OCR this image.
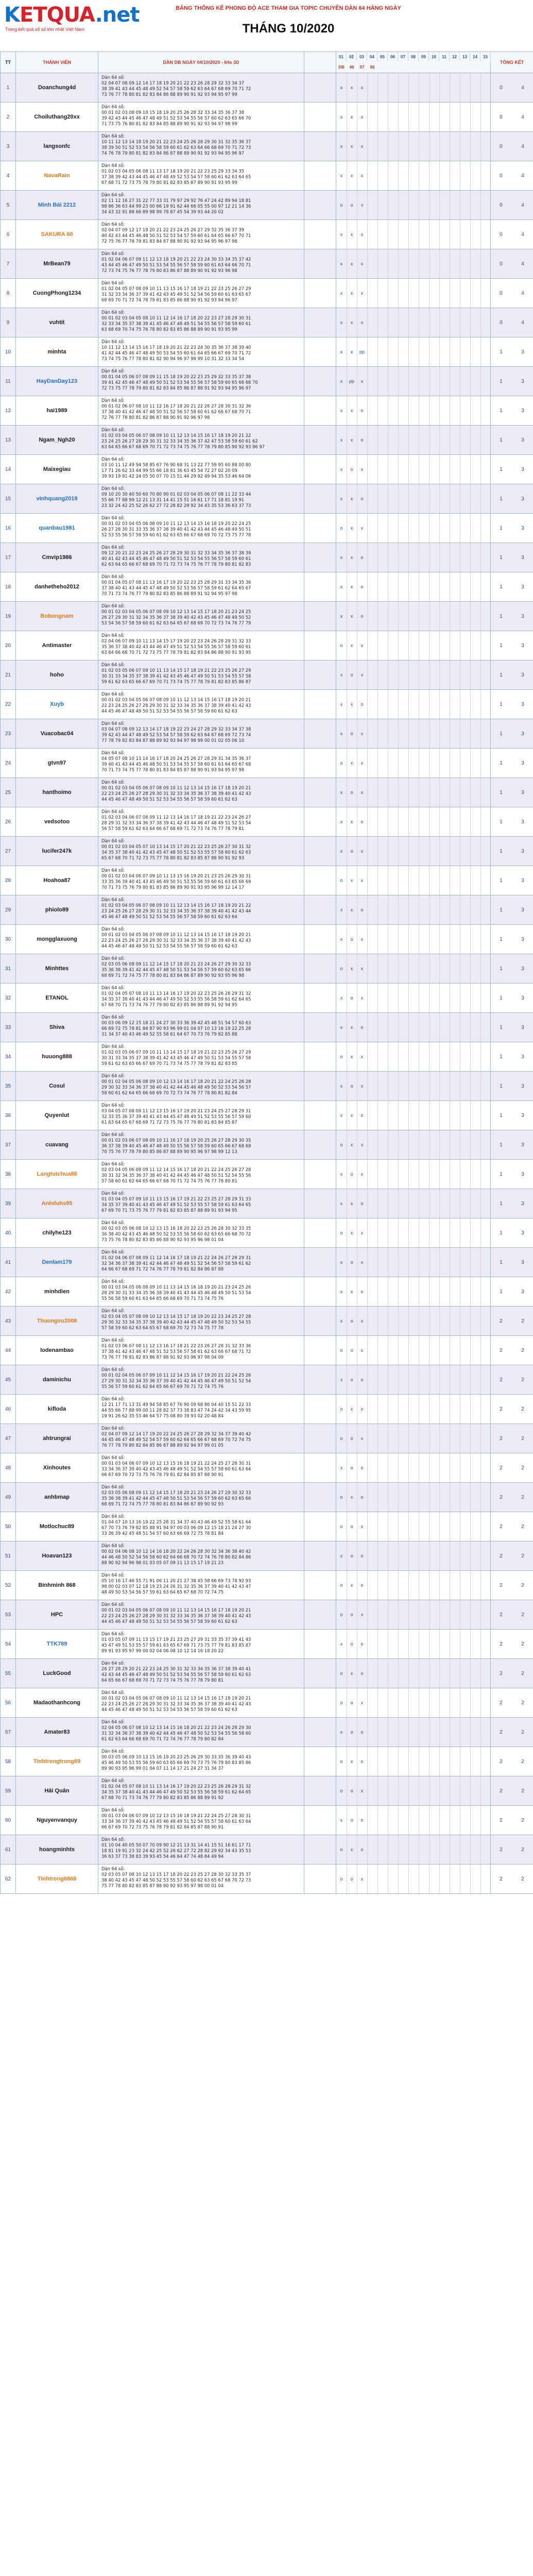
KETQUA.net
Trang kết quả xổ số lớn nhất Việt Nam
BẢNG THỐNG KÊ PHONG ĐỘ ACE THAM GIA TOPIC CHUYÊN DÀN 64 HÀNG NGÀY
THÁNG 10/2020
TT	THÀNH VIÊN	DÀN DB NGÀY 04/10/2020 - 64s 3D
01	02	03	04	05	06	07	08	09	10	11	12	13	14	15
DB	46	97	86
TỔNG KẾT
1	Doanchung4d
Dàn 64 số:
02 04 07 08 09 12 14 17 18 19 20 21 22 23 26 28 29 32 33 34 37
38 39 41 43 44 45 48 49 52 54 57 58 59 62 63 64 67 68 69 70 71 72
73 76 77 78 80 81 82 83 84 86 88 89 90 91 92 93 94 95 97 99
x	x	x	0	4
2	Choiluthang20xx
Dàn 64 số:
00 01 02 03 08 09 10 15 18 19 20 25 26 28 32 33 34 35 36 37 38
39 42 43 44 45 46 47 48 49 51 52 53 54 55 56 57 60 62 63 65 66 70
71 73 75 76 80 81 82 83 84 85 88 89 90 91 92 93 94 97 98 99
x	x	x	0	4
3	langsonfc
Dàn 64 số:
10 11 12 13 14 18 19 20 21 22 23 24 25 26 28 29 30 31 32 35 36 37
38 39 50 51 52 53 54 56 58 59 60 61 62 63 64 66 68 69 70 71 72 73
74 76 78 79 80 81 82 83 84 86 87 88 89 90 91 92 93 94 95 96 97
x	x	x	0	4
4	NavaRain
Dàn 64 số:
01 02 03 04 05 06 08 11 13 17 18 19 20 21 22 23 25 29 33 34 35
37 38 39 42 43 44 45 46 47 48 49 52 53 54 57 58 60 61 62 63 64 65
67 68 71 72 73 75 78 79 80 81 82 83 85 87 89 90 91 93 95 99
x	x	x	0	4
5	Mình Bái 2212
Dàn 64 số:
02 11 12 16 27 31 22 77 33 31 79 97 29 92 76 47 24 42 89 94 18 81
98 86 36 63 44 99 23 00 66 19 91 62 44 66 05 55 00 97 12 21 14 36
34 43 32 91 88 66 89 98 99 78 87 45 54 39 93 44 20 02
o	o	x	0	4
6	SAKURA 60
Dàn 64 số:
02 04 07 09 12 17 19 20 21 22 23 24 25 26 27 29 32 35 36 37 39
40 42 43 44 45 46 48 50 51 52 53 54 57 59 60 61 64 65 66 67 70 71
72 75 76 77 78 79 81 83 84 87 88 90 91 92 93 94 95 96 97 98
x	x	x	0	4
7	MrBean79
Dàn 64 số:
01 02 04 06 07 09 11 12 13 18 19 20 21 22 23 24 30 33 34 35 37 42
43 44 45 46 47 49 50 51 53 54 55 56 57 58 59 60 61 63 64 66 70 71
72 73 74 75 76 77 78 79 80 83 86 87 88 89 90 91 92 93 96 98
x	x	x	0	4
8	CuongPhong1234
Dàn 64 số:
01 02 04 05 07 08 09 10 11 13 15 16 17 18 19 21 22 23 25 26 27 29
31 32 33 34 36 37 39 41 42 43 45 49 51 52 54 56 59 60 61 63 65 67
68 69 70 71 72 74 78 79 81 83 85 86 88 90 91 92 93 94 96 97
x	x	x	0	4
9	vuhtit
Dàn 64 số:
00 01 02 03 04 05 08 10 11 12 14 16 17 18 20 22 23 27 28 29 30 31
32 33 34 35 37 38 39 41 45 46 47 48 49 51 54 55 56 57 58 59 60 61
63 68 69 70 74 75 76 78 80 82 83 85 86 88 89 90 91 93 95 99
x	x	x	0	4
10	minhta
Dàn 64 số:
10 11 12 13 14 15 16 17 18 19 20 21 22 23 24 30 35 36 37 38 39 40
41 42 44 45 46 47 48 49 50 53 54 55 60 61 64 65 66 67 69 70 71 72
73 74 75 76 77 78 80 81 82 90 94 96 97 98 99 10 31 32 33 34 54
x	x	pp	1	3
11	HayDanDay123
Dàn 64 số:
00 01 04 05 06 07 08 09 11 15 18 19 20 22 23 25 29 32 33 35 37 38
39 41 42 45 46 47 48 49 50 51 52 53 54 55 56 57 58 59 60 65 66 68 70
72 73 75 77 78 79 80 81 82 83 84 85 86 87 88 91 92 93 94 95 96 97
x	pp	x	1	3
12	hai1989
Dàn 64 số:
00 01 02 06 07 08 10 11 12 16 17 18 20 21 22 26 27 28 30 31 32 36
37 38 40 41 42 46 47 48 50 51 52 56 57 58 60 61 62 66 67 68 70 71
72 76 77 78 80 81 82 86 87 88 90 91 92 96 97 98
x	x	o	1	3
13	Ngam_Ngh20
Dàn 64 số:
01 02 03 04 05 06 07 08 09 10 11 12 13 14 15 16 17 18 19 20 21 22
23 24 25 26 27 28 29 30 31 32 33 34 35 36 37 42 47 53 58 59 60 61 62
63 64 65 66 67 68 69 70 71 72 73 74 75 76 77 78 79 80 85 90 92 93 96 97
x	x	o	1	3
14	Maixegiau
Dàn 64 số:
03 10 11 12 49 94 58 85 67 76 90 68 31 13 22 77 59 95 60 88 00 80
17 71 26 62 33 44 99 55 66 18 81 36 63 45 54 72 27 02 20 09
39 93 19 91 42 24 05 50 07 70 15 51 44 29 92 49 94 35 53 46 64 06
x	o	x	1	3
15	vinhquang2019
Dàn 64 số:
09 10 20 30 40 50 60 70 80 90 01 02 03 04 05 06 07 08 11 22 33 44
55 66 77 88 99 12 21 13 31 14 41 15 51 16 61 17 71 18 81 19 91
23 32 24 42 25 52 26 62 27 72 28 82 29 92 34 43 35 53 36 63 37 73
x	x	o	1	3
16	quanbau1981
Dàn 64 số:
00 01 02 03 04 05 06 08 09 10 11 12 13 14 15 16 18 19 20 22 24 25
26 27 28 30 31 33 35 36 37 38 39 40 41 42 43 44 45 46 48 49 50 51
52 53 55 56 57 58 59 60 61 62 63 65 66 67 68 69 70 72 73 75 77 78
o	x	x	1	3
17	Cmvip1986
Dàn 64 số:
09 12 20 21 22 23 24 25 26 27 28 29 30 31 32 33 34 35 36 37 38 39
40 41 42 43 44 45 46 47 48 49 50 51 52 53 54 55 56 57 58 59 60 61
62 63 64 65 66 67 68 69 70 71 72 73 74 75 76 77 78 79 80 81 82 83
x	x	o	1	3
18	danhetheho2012
Dàn 64 số:
00 01 04 05 07 08 11 13 16 17 19 20 22 23 25 28 29 31 33 34 35 36
37 38 40 41 43 44 45 47 48 49 50 52 53 56 57 58 59 61 62 64 65 67
70 71 73 74 76 77 79 80 82 83 85 86 88 89 91 92 94 95 97 98
x	x	o	1	3
19	Bobongnam
Dàn 64 số:
00 01 02 03 04 05 06 07 08 09 10 12 13 14 15 17 18 20 21 23 24 25
26 27 29 30 31 32 34 35 36 37 38 39 40 42 43 45 46 47 48 49 50 52
53 54 56 57 58 59 60 61 62 63 64 65 67 68 69 70 72 73 74 76 77 79
x	x	o	1	3
20	Antimaster
Dàn 64 số:
02 04 06 07 09 10 11 13 14 15 17 19 20 22 23 24 26 28 29 31 32 33
35 36 37 38 40 42 43 44 46 47 49 51 52 53 54 55 56 57 58 59 60 61
63 64 66 68 70 71 72 73 75 77 78 79 81 82 83 84 86 88 90 91 93 95
o	x	x	1	3
21	hoho
Dàn 64 số:
01 02 03 05 06 07 09 10 11 13 14 15 17 18 19 21 22 23 25 26 27 29
30 31 33 34 35 37 38 39 41 42 43 45 46 47 49 50 51 53 54 55 57 58
59 61 62 63 65 66 67 69 70 71 73 74 75 77 78 79 81 82 83 85 86 87
x	o	x	1	3
22	Xuyb
Dàn 64 số:
00 01 02 03 04 05 06 07 08 09 10 11 12 13 14 15 16 17 18 19 20 21
22 23 24 25 26 27 28 29 30 31 32 33 34 35 36 37 38 39 40 41 42 43
44 45 46 47 48 49 50 51 52 53 54 55 56 57 58 59 60 61 62 63
x	x	o	1	3
23	Vuacobac04
Dàn 64 số:
03 04 07 08 09 12 13 14 17 18 19 22 23 24 27 28 29 32 33 34 37 38
39 42 43 44 47 48 49 52 53 54 57 58 59 62 63 64 67 68 69 72 73 74
77 78 79 82 83 84 87 88 89 92 93 94 97 98 99 00 01 02 05 06 10
x	o	x	1	3
24	gtvn97
Dàn 64 số:
04 05 07 08 10 13 14 16 17 18 20 24 25 26 27 28 29 31 34 35 36 37
39 40 41 43 44 45 46 48 50 51 53 54 55 57 58 60 61 63 64 65 67 68
70 71 73 74 75 77 78 80 81 83 84 85 87 88 90 91 93 94 95 97 98
o	x	x	1	3
25	hanthoimo
Dàn 64 số:
00 01 02 03 04 05 06 07 08 09 10 11 12 13 14 15 16 17 18 19 20 21
22 23 24 25 26 27 28 29 30 31 32 33 34 35 36 37 38 39 40 41 42 43
44 45 46 47 48 49 50 51 52 53 54 55 56 57 58 59 60 61 62 63
x	o	x	1	3
26	vedsotoo
Dàn 64 số:
01 02 03 04 06 07 08 09 11 12 13 14 16 17 18 19 21 22 23 24 26 27
28 29 31 32 33 34 36 37 38 39 41 42 43 44 46 47 48 49 51 52 53 54
56 57 58 59 61 62 63 64 66 67 68 69 71 72 73 74 76 77 78 79 81
x	x	o	1	3
27	lucifer247k
Dàn 64 số:
00 01 02 03 04 05 07 10 13 14 15 17 20 21 22 23 25 26 27 30 31 32
34 35 37 38 40 41 42 43 45 47 48 50 51 52 53 55 57 58 60 61 62 63
65 67 68 70 71 72 73 75 77 78 80 81 82 83 85 87 88 90 91 92 93
x	o	x	1	3
28	Hoahoa87
Dàn 64 số:
00 01 02 03 04 06 07 09 10 11 13 15 16 19 20 21 23 25 26 29 30 31
33 35 36 39 40 41 43 45 46 49 50 51 53 55 56 59 60 61 63 65 66 69
70 71 73 75 76 79 80 81 83 85 86 89 90 91 93 95 96 99 12 14 17
o	x	x	1	3
29	phiolo89
Dàn 64 số:
01 02 03 04 05 06 07 08 09 10 11 12 13 14 15 16 17 18 19 20 21 22
23 24 25 26 27 28 29 30 31 32 33 34 35 36 37 38 39 40 41 42 43 44
45 46 47 48 49 50 51 52 53 54 55 56 57 58 59 60 61 62 63 64
x	x	o	1	3
30	mongglaxuong
Dàn 64 số:
00 01 02 03 04 05 06 07 08 09 10 11 12 13 14 15 16 17 18 19 20 21
22 23 24 25 26 27 28 29 30 31 32 33 34 35 36 37 38 39 40 41 42 43
44 45 46 47 48 49 50 51 52 53 54 55 56 57 58 59 60 61 62 63
x	o	x	1	3
31	Minhttes
Dàn 64 số:
02 03 05 06 08 09 11 12 14 15 17 18 20 21 23 24 26 27 29 30 32 33
35 36 38 39 41 42 44 45 47 48 50 51 53 54 56 57 59 60 62 63 65 66
68 69 71 72 74 75 77 78 80 81 83 84 86 87 89 90 92 93 95 96 98
o	x	x	1	3
32	ETANOL
Dàn 64 số:
01 02 04 05 07 08 10 11 13 14 16 17 19 20 22 23 25 26 28 29 31 32
34 35 37 38 40 41 43 44 46 47 49 50 52 53 55 56 58 59 61 62 64 65
67 68 70 71 73 74 76 77 79 80 82 83 85 86 88 89 91 92 94 95
x	o	x	1	3
33	Shiva
Dàn 64 số:
00 03 06 09 12 15 18 21 24 27 30 33 36 39 42 45 48 51 54 57 60 63
66 69 72 75 78 81 84 87 90 93 96 99 01 04 07 10 13 16 19 22 25 28
31 34 37 40 43 46 49 52 55 58 61 64 67 70 73 76 79 82 85 88
x	x	o	1	3
34	huuong888
Dàn 64 số:
01 02 03 05 06 07 09 10 11 13 14 15 17 18 19 21 22 23 25 26 27 29
30 31 33 34 35 37 38 39 41 42 43 45 46 47 49 50 51 53 54 55 57 58
59 61 62 63 65 66 67 69 70 71 73 74 75 77 78 79 81 82 83 85
o	x	x	1	3
35	Cosul
Dàn 64 số:
00 01 02 04 05 06 08 09 10 12 13 14 16 17 18 20 21 22 24 25 26 28
29 30 32 33 34 36 37 38 40 41 42 44 45 46 48 49 50 52 53 54 56 57
58 60 61 62 64 65 66 68 69 70 72 73 74 76 77 78 80 81 82 84
x	o	x	1	3
36	Quyenlut
Dàn 64 số:
03 04 05 07 08 09 11 12 13 15 16 17 19 20 21 23 24 25 27 28 29 31
32 33 35 36 37 39 40 41 43 44 45 47 48 49 51 52 53 55 56 57 59 60
61 63 64 65 67 68 69 71 72 73 75 76 77 79 80 81 83 84 85 87
x	x	o	1	3
37	cuavang
Dàn 64 số:
00 01 02 03 06 07 08 09 10 11 16 17 18 19 20 25 26 27 28 29 30 35
36 37 38 39 40 45 46 47 48 49 50 55 56 57 58 59 60 65 66 67 68 69
70 75 76 77 78 79 80 85 86 87 88 89 90 95 96 97 98 99 12 13
o	x	x	1	3
38	Langtutchua88
Dàn 64 số:
02 03 04 05 06 08 09 11 12 14 15 16 17 18 20 21 22 24 25 26 27 28
30 31 32 34 35 36 37 38 40 41 42 44 45 46 47 48 50 51 52 54 55 56
57 58 60 61 62 64 65 66 67 68 70 71 72 74 75 76 77 78 80 81
x	o	x	1	3
39	Anhduhs95
Dàn 64 số:
01 03 04 05 07 09 10 11 13 15 16 17 19 21 22 23 25 27 28 29 31 33
34 35 37 39 40 41 43 45 46 47 49 51 52 53 55 57 58 59 61 63 64 65
67 69 70 71 73 75 76 77 79 81 82 83 85 87 88 89 91 93 94 95
x	x	o	1	3
40	chilyhe123
Dàn 64 số:
00 02 03 05 06 08 10 12 13 15 16 18 20 22 23 25 26 28 30 32 33 35
36 38 40 42 43 45 46 48 50 52 53 55 56 58 60 62 63 65 66 68 70 72
73 75 76 78 80 82 83 85 86 88 90 92 93 95 96 98 01 04
o	x	x	1	3
41	Denlam179
Dàn 64 số:
01 02 04 06 07 08 09 11 12 14 16 17 18 19 21 22 24 26 27 28 29 31
32 34 36 37 38 39 41 42 44 46 47 48 49 51 52 54 56 57 58 59 61 62
64 66 67 68 69 71 72 74 76 77 78 79 81 82 84 86 87 88
x	o	x	1	3
42	minhdien
Dàn 64 số:
00 01 03 04 05 06 08 09 10 11 13 14 15 16 18 19 20 21 23 24 25 26
28 29 30 31 33 34 35 36 38 39 40 41 43 44 45 46 48 49 50 51 53 54
55 56 58 59 60 61 63 64 65 66 68 69 70 71 73 74 75 76
x	x	o	1	3
43	Thuongvu2008
Dàn 64 số:
02 03 04 05 07 08 09 10 12 13 14 15 17 18 19 20 22 23 24 25 27 28
29 30 32 33 34 35 37 38 39 40 42 43 44 45 47 48 49 50 52 53 54 55
57 58 59 60 62 63 64 65 67 68 69 70 72 73 74 75 77 78
x	o	x	2	2
44	lodenambao
Dàn 64 số:
01 02 03 06 07 08 11 12 13 16 17 18 21 22 23 26 27 28 31 32 33 36
37 38 41 42 43 46 47 48 51 52 53 56 57 58 61 62 63 66 67 68 71 72
73 76 77 78 81 82 83 86 87 88 91 92 93 96 97 98 04 09
o	o	x	2	2
45	daminichu
Dàn 64 số:
00 01 02 04 05 06 07 09 10 11 12 14 15 16 17 19 20 21 22 24 25 26
27 29 30 31 32 34 35 36 37 39 40 41 42 44 45 46 47 49 50 51 52 54
55 56 57 59 60 61 62 64 65 66 67 69 70 71 72 74 75 76
x	o	o	2	2
46	kifloda
Dàn 64 số:
12 21 17 71 13 31 49 94 58 85 67 76 90 09 68 86 04 40 15 51 22 33
44 55 66 77 88 99 00 11 28 82 37 73 38 83 47 74 24 42 34 43 59 95
19 91 26 62 35 53 46 64 57 75 08 80 39 93 02 20 48 84
o	x	o	2	2
47	ahtrungrai
Dàn 64 số:
02 04 07 09 12 14 17 19 20 22 24 25 26 27 28 29 32 34 37 39 40 42
44 45 46 47 48 49 52 54 57 59 60 62 64 65 66 67 68 69 70 72 74 75
76 77 78 79 80 82 84 85 86 87 88 89 92 94 97 99 01 05
o	o	x	2	2
48	Xinhoutes
Dàn 64 số:
00 01 03 04 06 07 09 10 12 13 15 16 18 19 21 22 24 25 27 28 30 31
33 34 36 37 39 40 42 43 45 46 48 49 51 52 54 55 57 58 60 61 63 64
66 67 69 70 72 73 75 76 78 79 81 82 84 85 87 88 90 91
x	o	o	2	2
49	anhbmap
Dàn 64 số:
02 03 05 06 08 09 11 12 14 15 17 18 20 21 23 24 26 27 29 30 32 33
35 36 38 39 41 42 44 45 47 48 50 51 53 54 56 57 59 60 62 63 65 66
68 69 71 72 74 75 77 78 80 81 83 84 86 87 89 90 92 93
o	x	o	2	2
50	Motlochuc89
Dàn 64 số:
01 04 07 10 13 16 19 22 25 28 31 34 37 40 43 46 49 52 55 58 61 64
67 70 73 76 79 82 85 88 91 94 97 00 03 06 09 12 15 18 21 24 27 30
33 36 39 42 45 48 51 54 57 60 63 66 69 72 75 78 81 84
o	o	x	2	2
51	Hoavan123
Dàn 64 số:
00 02 04 06 08 10 12 14 16 18 20 22 24 26 28 30 32 34 36 38 40 42
44 46 48 50 52 54 56 58 60 62 64 66 68 70 72 74 76 78 80 82 84 86
88 90 92 94 96 98 01 03 05 07 09 11 13 15 17 19 21 23
x	o	o	2	2
52	Binhminh 868
Dàn 64 số:
05 10 16 17 46 55 71 91 06 11 20 21 27 38 45 58 66 69 73 78 92 93
98 00 02 03 07 12 18 19 23 24 26 31 32 35 36 37 39 40 41 42 43 47
48 49 50 53 54 56 57 59 61 63 64 65 67 68 70 72 74 75
o	x	o	2	2
53	HPC
Dàn 64 số:
00 01 02 03 04 05 06 07 08 09 10 11 12 13 14 15 16 17 18 19 20 21
22 23 24 25 26 27 28 29 30 31 32 33 34 35 36 37 38 39 40 41 42 43
44 45 46 47 48 49 50 51 52 53 54 55 56 57 58 59 60 61 62 63
o	o	x	2	2
54	TTK789
Dàn 64 số:
01 03 05 07 09 11 13 15 17 19 21 23 25 27 29 31 33 35 37 39 41 43
45 47 49 51 53 55 57 59 61 63 65 67 69 71 73 75 77 79 81 83 85 87
89 91 93 95 97 99 00 02 04 06 08 10 12 14 16 18 20 22
x	o	o	2	2
55	LuckGood
Dàn 64 số:
26 27 28 29 20 21 22 23 24 25 30 31 32 33 34 35 36 37 38 39 40 41
42 43 44 45 46 47 48 49 50 51 52 53 54 55 56 57 58 59 60 61 62 63
64 65 66 67 68 69 70 71 72 73 74 75 76 77 78 79 80 81
o	x	o	2	2
56	Madaothanhcong
Dàn 64 số:
00 01 02 03 04 05 06 07 08 09 10 11 12 13 14 15 16 17 18 19 20 21
22 23 24 25 26 27 28 29 30 31 32 33 34 35 36 37 38 39 40 41 42 43
44 45 46 47 48 49 50 51 52 53 54 55 56 57 58 59 60 61 62 63
o	o	x	2	2
57	Amater83
Dàn 64 số:
02 04 05 06 07 08 10 12 13 14 15 16 18 20 21 22 23 24 26 28 29 30
31 32 34 36 37 38 39 40 42 44 45 46 47 48 50 52 53 54 55 56 58 60
61 62 63 64 66 68 69 70 71 72 74 76 77 78 79 80 82 84
x	o	o	2	2
58	Tinhtrongtrong69
Dàn 64 số:
00 03 05 06 09 10 13 15 16 19 20 23 25 26 29 30 33 35 36 39 40 43
45 46 49 50 53 55 56 59 60 63 65 66 69 70 73 75 76 79 80 83 85 86
89 90 93 95 96 99 01 04 07 11 14 17 21 24 27 31 34 37
o	x	o	2	2
59	Hải Quân
Dàn 64 số:
01 02 04 05 07 08 10 11 13 14 16 17 19 20 22 23 25 26 28 29 31 32
34 35 37 38 40 41 43 44 46 47 49 50 52 53 55 56 58 59 61 62 64 65
67 68 70 71 73 74 76 77 79 80 82 83 85 86 88 89 91 92
o	o	x	2	2
60	Nguyenvanquy
Dàn 64 số:
00 01 03 04 06 07 09 10 12 13 15 16 18 19 21 22 24 25 27 28 30 31
33 34 36 37 39 40 42 43 45 46 48 49 51 52 54 55 57 58 60 61 63 64
66 67 69 70 72 73 75 76 78 79 81 82 84 85 87 88 90 91
x	o	o	2	2
61	hoangminhts
Dàn 64 số:
01 10 04 40 05 50 07 70 09 90 12 21 13 31 14 41 15 51 16 61 17 71
18 81 19 91 23 32 24 42 25 52 26 62 27 72 28 82 29 92 34 43 35 53
36 63 37 73 38 83 39 93 45 54 46 64 47 74 48 84 49 94
o	x	o	2	2
62	Tinhtrong6868
Dàn 64 số:
02 03 05 07 08 10 12 13 15 17 18 20 22 23 25 27 28 30 32 33 35 37
38 40 42 43 45 47 48 50 52 53 55 57 58 60 62 63 65 67 68 70 72 73
75 77 78 80 82 83 85 87 88 90 92 93 95 97 98 00 01 04
o	o	x	2	2
